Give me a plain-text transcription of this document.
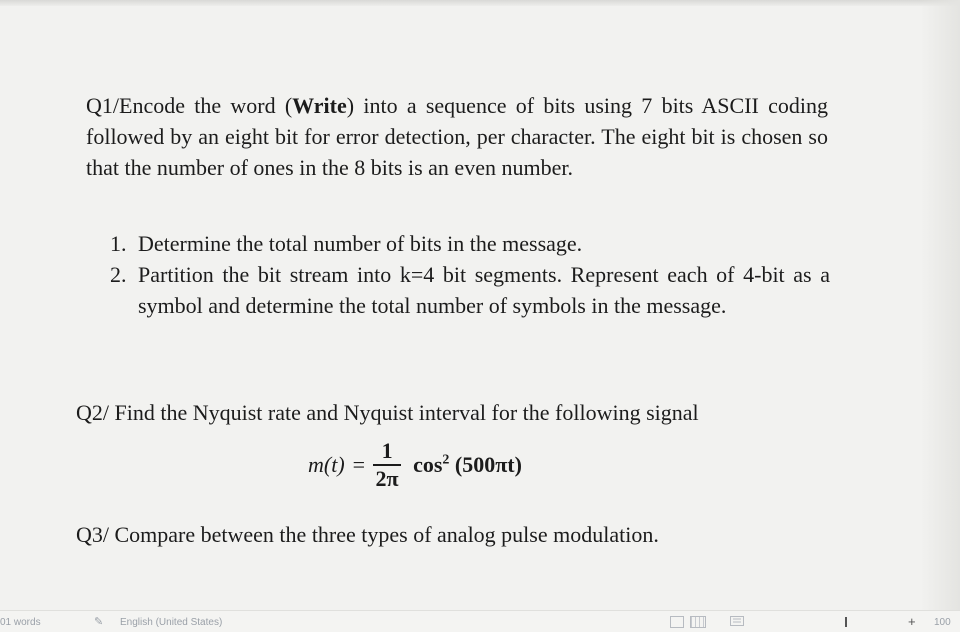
Q1/Encode the word (Write) into a sequence of bits using 7 bits ASCII coding followed by an eight bit for error detection, per character. The eight bit is chosen so that the number of ones in the 8 bits is an even number.

1. Determine the total number of bits in the message.
2. Partition the bit stream into k=4 bit segments. Represent each of 4-bit as a symbol and determine the total number of symbols in the message.

Q2/ Find the Nyquist rate and Nyquist interval for the following signal

$m(t) = \frac{1}{2\pi} \cos^2 (500\pi t)$

Q3/ Compare between the three types of analog pulse modulation.

01 words	✎ English (United States)	+ 100
